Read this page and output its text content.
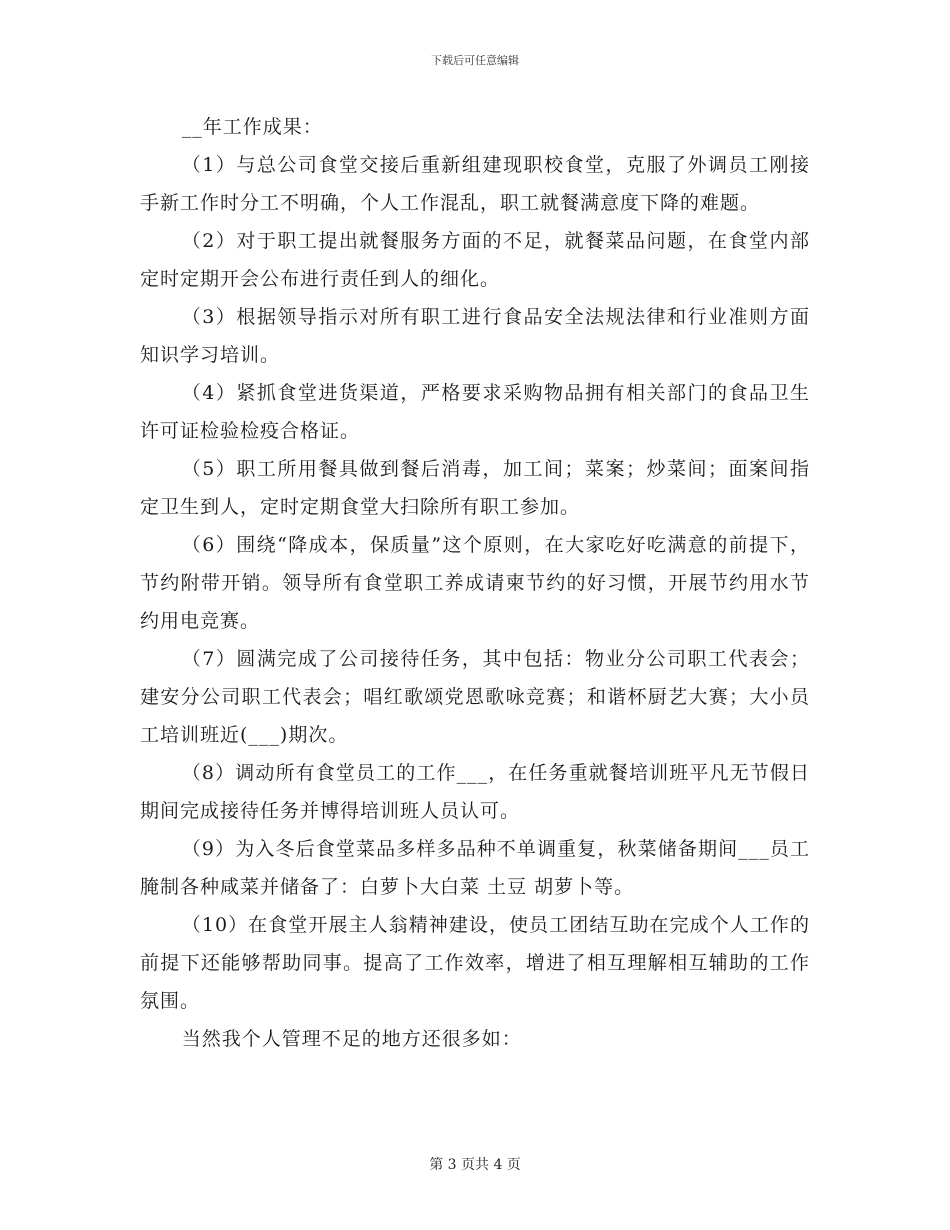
下载后可任意编辑

__年工作成果：

（1）与总公司食堂交接后重新组建现职校食堂，克服了外调员工刚接手新工作时分工不明确，个人工作混乱，职工就餐满意度下降的难题。

（2）对于职工提出就餐服务方面的不足，就餐菜品问题，在食堂内部定时定期开会公布进行责任到人的细化。

（3）根据领导指示对所有职工进行食品安全法规法律和行业准则方面知识学习培训。

（4）紧抓食堂进货渠道，严格要求采购物品拥有相关部门的食品卫生许可证检验检疫合格证。

（5）职工所用餐具做到餐后消毒，加工间；菜案；炒菜间；面案间指定卫生到人，定时定期食堂大扫除所有职工参加。

（6）围绕“降成本，保质量”这个原则，在大家吃好吃满意的前提下，节约附带开销。领导所有食堂职工养成请柬节约的好习惯，开展节约用水节约用电竞赛。

（7）圆满完成了公司接待任务，其中包括：物业分公司职工代表会；建安分公司职工代表会；唱红歌颂党恩歌咏竞赛；和谐杯厨艺大赛；大小员工培训班近(___)期次。

（8）调动所有食堂员工的工作___，在任务重就餐培训班平凡无节假日期间完成接待任务并博得培训班人员认可。

（9）为入冬后食堂菜品多样多品种不单调重复，秋菜储备期间___员工腌制各种咸菜并储备了：白萝卜大白菜 土豆 胡萝卜等。

（10）在食堂开展主人翁精神建设，使员工团结互助在完成个人工作的前提下还能够帮助同事。提高了工作效率，增进了相互理解相互辅助的工作氛围。

当然我个人管理不足的地方还很多如：

第 3 页共 4 页
